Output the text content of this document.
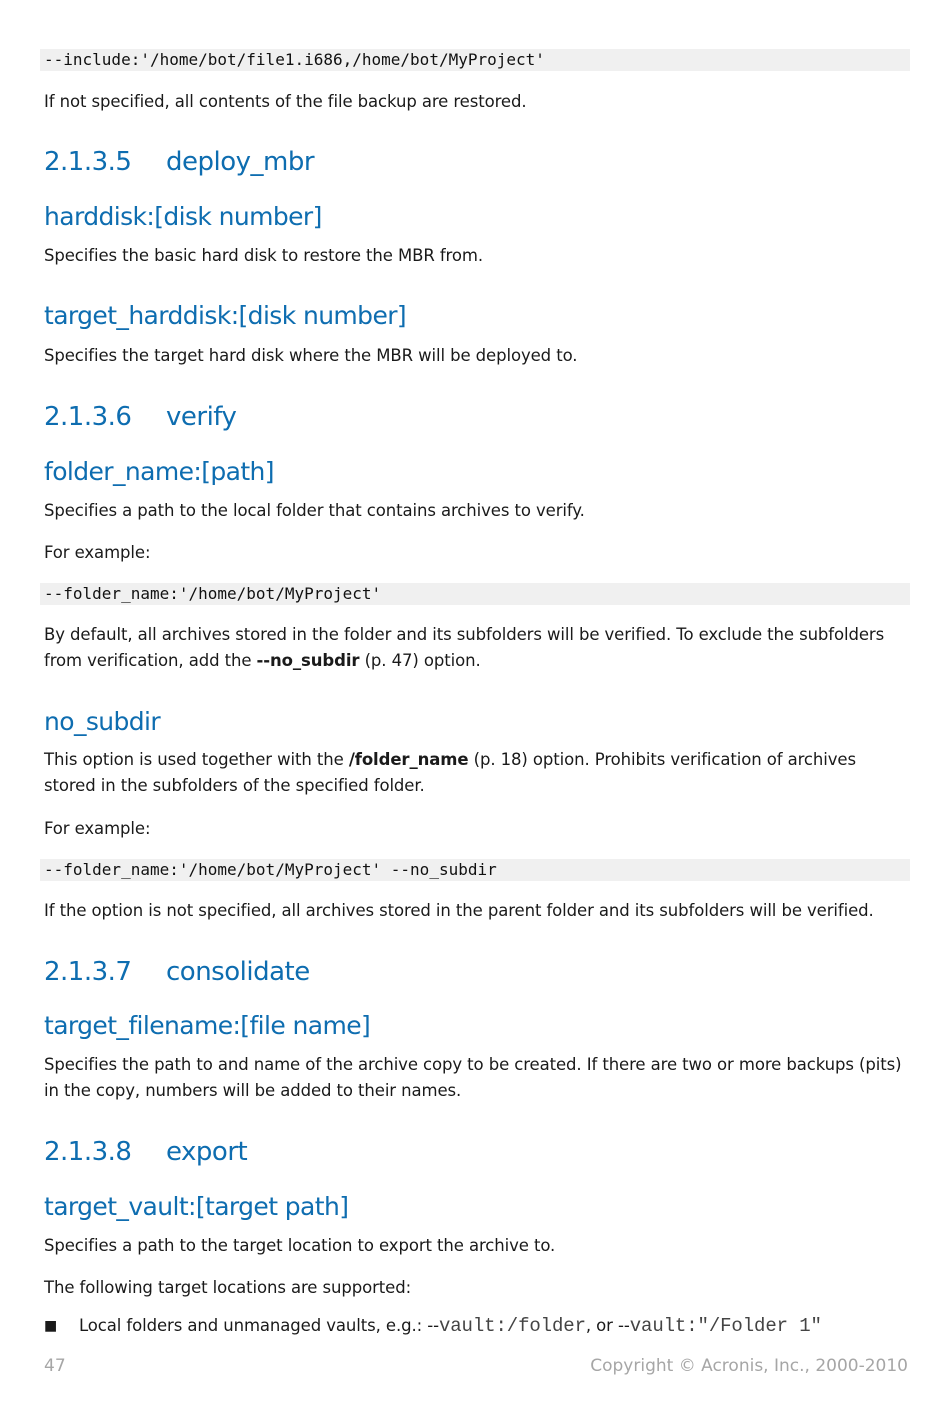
--include:'/home/bot/file1.i686,/home/bot/MyProject'
If not specified, all contents of the file backup are restored.
2.1.3.5 deploy_mbr
harddisk:[disk number]
Specifies the basic hard disk to restore the MBR from.
target_harddisk:[disk number]
Specifies the target hard disk where the MBR will be deployed to.
2.1.3.6 verify
folder_name:[path]
Specifies a path to the local folder that contains archives to verify.
For example:
--folder_name:'/home/bot/MyProject'
By default, all archives stored in the folder and its subfolders will be verified. To exclude the subfolders from verification, add the --no_subdir (p. 47) option.
no_subdir
This option is used together with the /folder_name (p. 18) option. Prohibits verification of archives stored in the subfolders of the specified folder.
For example:
--folder_name:'/home/bot/MyProject' --no_subdir
If the option is not specified, all archives stored in the parent folder and its subfolders will be verified.
2.1.3.7 consolidate
target_filename:[file name]
Specifies the path to and name of the archive copy to be created. If there are two or more backups (pits) in the copy, numbers will be added to their names.
2.1.3.8 export
target_vault:[target path]
Specifies a path to the target location to export the archive to.
The following target locations are supported:
■ Local folders and unmanaged vaults, e.g.: --vault:/folder, or --vault:"/Folder 1"
47	Copyright © Acronis, Inc., 2000-2010
